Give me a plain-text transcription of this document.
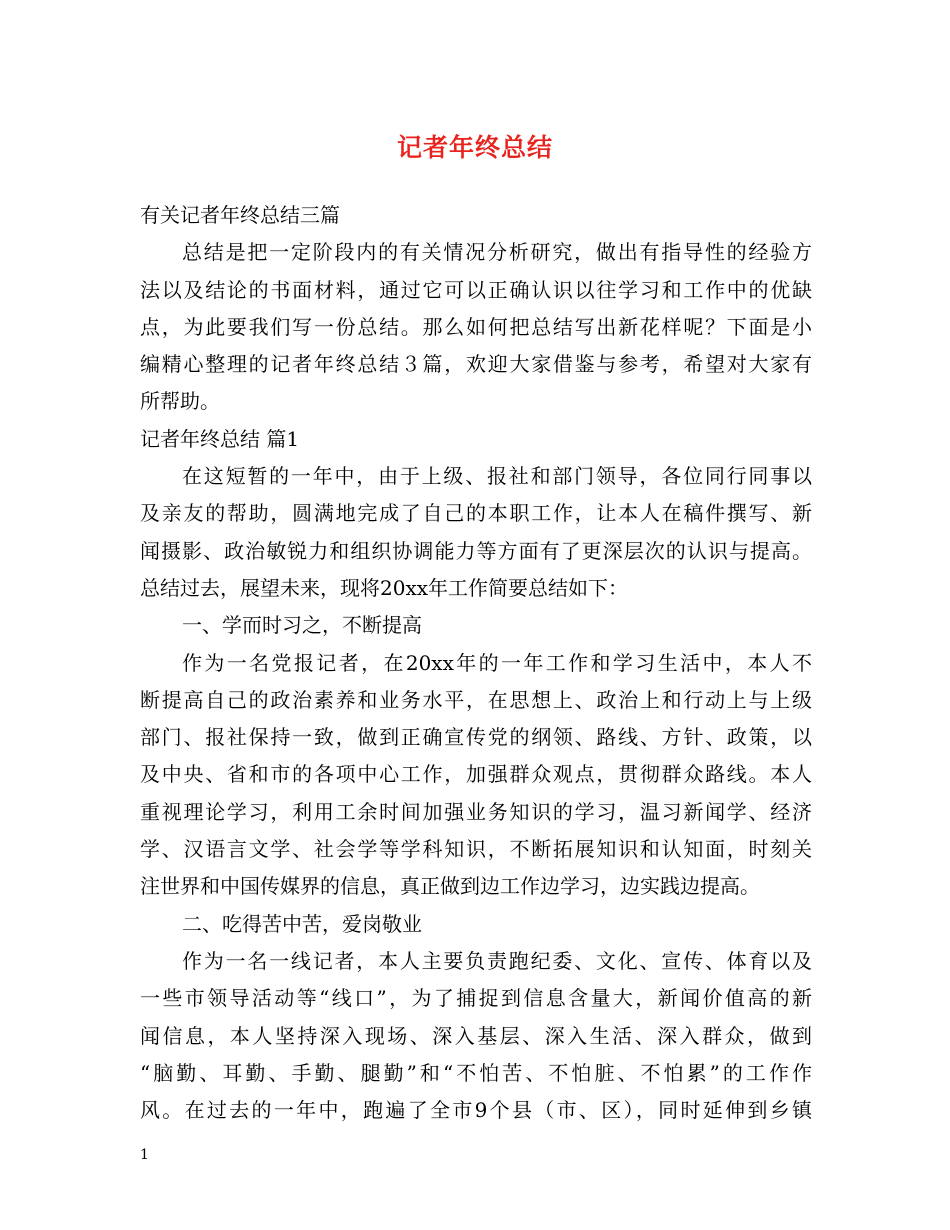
记者年终总结
有关记者年终总结三篇
总结是把一定阶段内的有关情况分析研究，做出有指导性的经验方
法以及结论的书面材料，通过它可以正确认识以往学习和工作中的优缺
点，为此要我们写一份总结。那么如何把总结写出新花样呢？下面是小
编精心整理的记者年终总结３篇，欢迎大家借鉴与参考，希望对大家有
所帮助。
记者年终总结 篇1
在这短暂的一年中，由于上级、报社和部门领导，各位同行同事以
及亲友的帮助，圆满地完成了自己的本职工作，让本人在稿件撰写、新
闻摄影、政治敏锐力和组织协调能力等方面有了更深层次的认识与提高。
总结过去，展望未来，现将20xx年工作简要总结如下：
一、学而时习之，不断提高
作为一名党报记者，在20xx年的一年工作和学习生活中，本人不
断提高自己的政治素养和业务水平，在思想上、政治上和行动上与上级
部门、报社保持一致，做到正确宣传党的纲领、路线、方针、政策，以
及中央、省和市的各项中心工作，加强群众观点，贯彻群众路线。本人
重视理论学习，利用工余时间加强业务知识的学习，温习新闻学、经济
学、汉语言文学、社会学等学科知识，不断拓展知识和认知面，时刻关
注世界和中国传媒界的信息，真正做到边工作边学习，边实践边提高。
二、吃得苦中苦，爱岗敬业
作为一名一线记者，本人主要负责跑纪委、文化、宣传、体育以及
一些市领导活动等“线口”，为了捕捉到信息含量大，新闻价值高的新
闻信息，本人坚持深入现场、深入基层、深入生活、深入群众，做到
“脑勤、耳勤、手勤、腿勤”和“不怕苦、不怕脏、不怕累”的工作作
风。在过去的一年中，跑遍了全市9个县（市、区），同时延伸到乡镇
1
